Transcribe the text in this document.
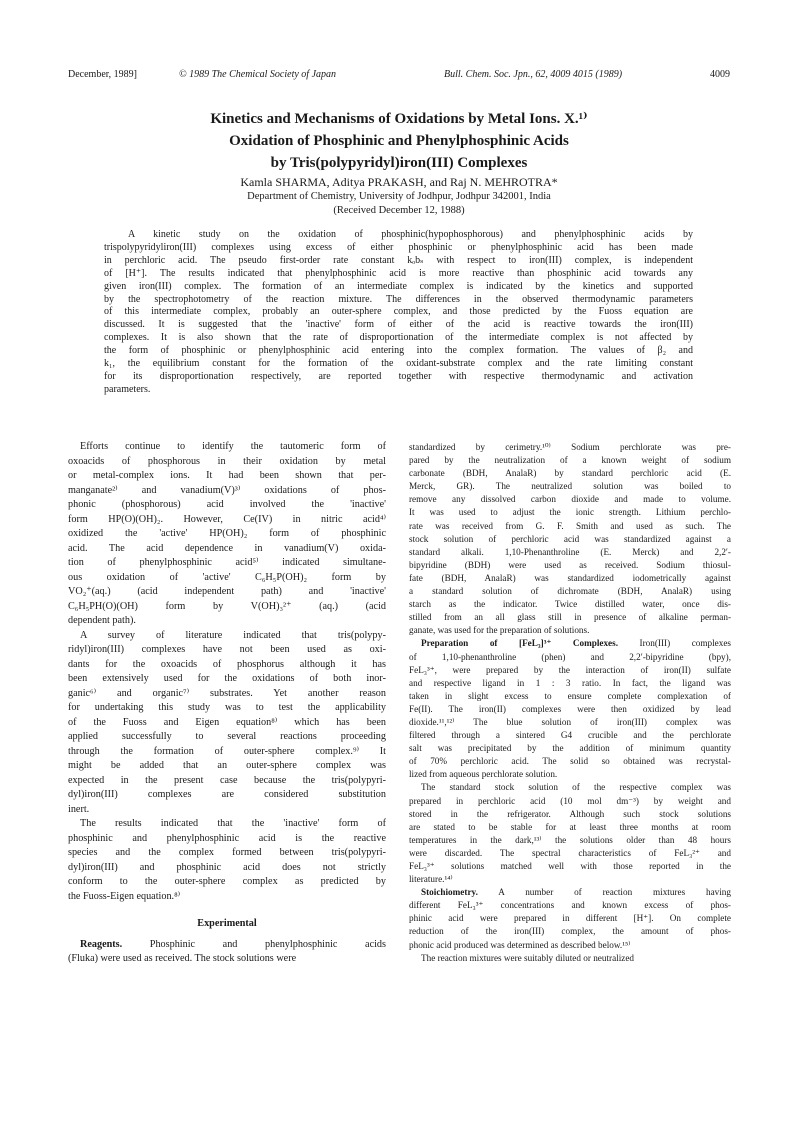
December, 1989]	© 1989 The Chemical Society of Japan	Bull. Chem. Soc. Jpn., 62, 4009 4015 (1989)	4009
Kinetics and Mechanisms of Oxidations by Metal Ions. X.¹⁾
Oxidation of Phosphinic and Phenylphosphinic Acids
by Tris(polypyridyl)iron(III) Complexes
Kamla SHARMA, Aditya PRAKASH, and Raj N. MEHROTRA*
Department of Chemistry, University of Jodhpur, Jodhpur 342001, India
(Received December 12, 1988)
A kinetic study on the oxidation of phosphinic(hypophosphorous) and phenylphosphinic acids by
trispolypyridyliron(III) complexes using excess of either phosphinic or phenylphosphinic acid has been made
in perchloric acid. The pseudo first-order rate constant kₒbₛ with respect to iron(III) complex, is independent
of [H⁺]. The results indicated that phenylphosphinic acid is more reactive than phosphinic acid towards any
given iron(III) complex. The formation of an intermediate complex is indicated by the kinetics and supported
by the spectrophotometry of the reaction mixture. The differences in the observed thermodynamic parameters
of this intermediate complex, probably an outer-sphere complex, and those predicted by the Fuoss equation are
discussed. It is suggested that the 'inactive' form of either of the acid is reactive towards the iron(III)
complexes. It is also shown that the rate of disproportionation of the intermediate complex is not affected by
the form of phosphinic or phenylphosphinic acid entering into the complex formation. The values of β₂ and
k₁, the equilibrium constant for the formation of the oxidant-substrate complex and the rate limiting constant
for its disproportionation respectively, are reported together with respective thermodynamic and activation
parameters.
Efforts continue to identify the tautomeric form of
oxoacids of phosphorous in their oxidation by metal
or metal-complex ions. It had been shown that per-
manganate²⁾ and vanadium(V)³⁾ oxidations of phos-
phonic (phosphorous) acid involved the 'inactive'
form HP(O)(OH)₂. However, Ce(IV) in nitric acid⁴⁾
oxidized the 'active' HP(OH)₂ form of phosphinic
acid. The acid dependence in vanadium(V) oxida-
tion of phenylphosphinic acid⁵⁾ indicated simultane-
ous oxidation of 'active' C₆H₅P(OH)₂ form by
VO₂⁺(aq.) (acid independent path) and 'inactive'
C₆H₅PH(O)(OH) form by V(OH)₃²⁺ (aq.) (acid
dependent path).
A survey of literature indicated that tris(polypy-
ridyl)iron(III) complexes have not been used as oxi-
dants for the oxoacids of phosphorus although it has
been extensively used for the oxidations of both inor-
ganic⁶⁾ and organic⁷⁾ substrates. Yet another reason
for undertaking this study was to test the applicability
of the Fuoss and Eigen equation⁸⁾ which has been
applied successfully to several reactions proceeding
through the formation of outer-sphere complex.⁹⁾ It
might be added that an outer-sphere complex was
expected in the present case because the tris(polypyri-
dyl)iron(III) complexes are considered substitution
inert.
The results indicated that the 'inactive' form of
phosphinic and phenylphosphinic acid is the reactive
species and the complex formed between tris(polypyri-
dyl)iron(III) and phosphinic acid does not strictly
conform to the outer-sphere complex as predicted by
the Fuoss-Eigen equation.⁸⁾
Experimental
Reagents. Phosphinic and phenylphosphinic acids
(Fluka) were used as received. The stock solutions were
standardized by cerimetry.¹⁰⁾ Sodium perchlorate was pre-
pared by the neutralization of a known weight of sodium
carbonate (BDH, AnalaR) by standard perchloric acid (E.
Merck, GR). The neutralized solution was boiled to
remove any dissolved carbon dioxide and made to volume.
It was used to adjust the ionic strength. Lithium perchlo-
rate was received from G. F. Smith and used as such. The
stock solution of perchloric acid was standardized against a
standard alkali. 1,10-Phenanthroline (E. Merck) and 2,2′-
bipyridine (BDH) were used as received. Sodium thiosul-
fate (BDH, AnalaR) was standardized iodometrically against
a standard solution of dichromate (BDH, AnalaR) using
starch as the indicator. Twice distilled water, once dis-
stilled from an all glass still in presence of alkaline perman-
ganate, was used for the preparation of solutions.
Preparation of [FeL₃]³⁺ Complexes. Iron(III) complexes
of 1,10-phenanthroline (phen) and 2,2′-bipyridine (bpy),
FeL₃³⁺, were prepared by the interaction of iron(II) sulfate
and respective ligand in 1 : 3 ratio. In fact, the ligand was
taken in slight excess to ensure complete complexation of
Fe(II). The iron(II) complexes were then oxidized by lead
dioxide.¹¹,¹²⁾ The blue solution of iron(III) complex was
filtered through a sintered G4 crucible and the perchlorate
salt was precipitated by the addition of minimum quantity
of 70% perchloric acid. The solid so obtained was recrystal-
lized from aqueous perchlorate solution.
The standard stock solution of the respective complex was
prepared in perchloric acid (10 mol dm⁻³) by weight and
stored in the refrigerator. Although such stock solutions
are stated to be stable for at least three months at room
temperatures in the dark,¹³⁾ the solutions older than 48 hours
were discarded. The spectral characteristics of FeL₃²⁺ and
FeL₃³⁺ solutions matched well with those reported in the
literature.¹⁴⁾
Stoichiometry. A number of reaction mixtures having
different FeL₃³⁺ concentrations and known excess of phos-
phinic acid were prepared in different [H⁺]. On complete
reduction of the iron(III) complex, the amount of phos-
phonic acid produced was determined as described below.¹⁵⁾
The reaction mixtures were suitably diluted or neutralized
